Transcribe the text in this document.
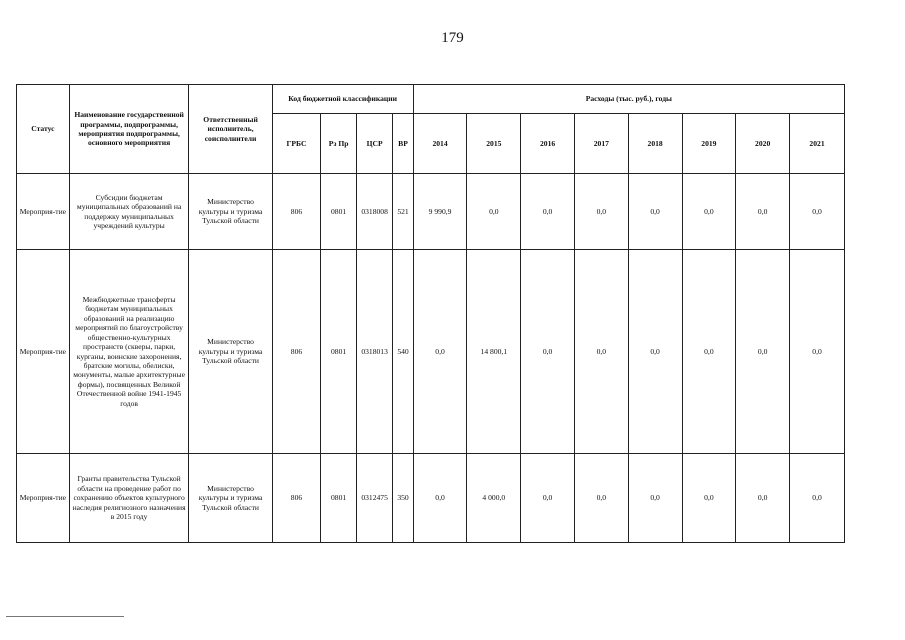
179
Статус	Наименование государственной программы, подпрограммы, мероприятия подпрограммы, основного мероприятия	Ответственный исполнитель, соисполнители	Код бюджетной классификации				Расходы (тыс. руб.), годы							
			ГРБС	Рз Пр	ЦСР	ВР	2014	2015	2016	2017	2018	2019	2020	2021
Мероприя-тие	Субсидии бюджетам муниципальных образований на поддержку муниципальных учреждений культуры	Министерство культуры и туризма Тульской области	806	0801	0318008	521	9 990,9	0,0	0,0	0,0	0,0	0,0	0,0	0,0
Мероприя-тие	Межбюджетные трансферты бюджетам муниципальных образований на реализацию мероприятий по благоустройству общественно-культурных пространств (скверы, парки, курганы, воинские захоронения, братские могилы, обелиски, монументы, малые архитектурные формы), посвященных Великой Отечественной войне 1941-1945 годов	Министерство культуры и туризма Тульской области	806	0801	0318013	540	0,0	14 800,1	0,0	0,0	0,0	0,0	0,0	0,0
Мероприя-тие	Гранты правительства Тульской области на проведение работ по сохранению объектов культурного наследия религиозного назначения в 2015 году	Министерство культуры и туризма Тульской области	806	0801	0312475	350	0,0	4 000,0	0,0	0,0	0,0	0,0	0,0	0,0
